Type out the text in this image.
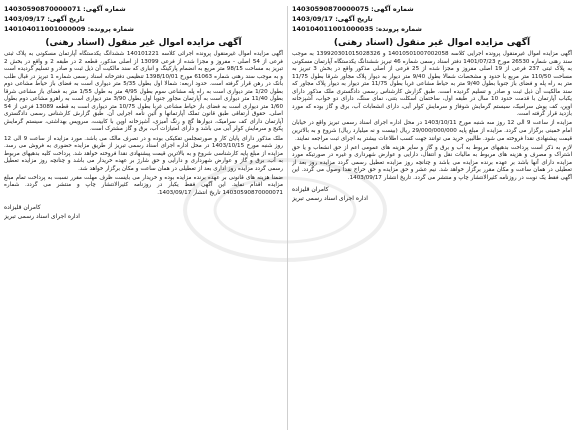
شماره آگهی: 14030590870000075
تاریخ آگهی: 1403/09/17
شماره پرونده: 140104011001000035
آگهی مزایده اموال غیر منقول (اسناد رهنی)

آگهی مزایده اموال غیرمنقول پرونده اجرایی کلاسه 14010501007002058 و 139920301015028326 به موجب سند رهنی شماره 26530 مورخ 1401/07/23 دفتر اسناد رسمی شماره 46 تبریز ششدانگ یکدستگاه آپارتمان مسکونی به پلاک ثبتی 237 فرعی از 19 اصلی مفروز و مجزا شده از 25 فرعی از اصلی مذکور واقع در بخش 3 تبریز به مساحت 110/50 متر مربع با حدود و مشخصات شمالا بطول 9/40 متر دیوار به دیوار پلاک مجاور شرقا بطول 11/75 متر به راه پله و فضای باز جنوبا بطول 9/40 متر به حیاط مشاعی غربا بطول 11/75 متر دیوار به دیوار پلاک مجاور که سند مالکیت آن ذیل ثبت و صادر و تسلیم گردیده است. طبق گزارش کارشناس رسمی دادگستری ملک مذکور دارای یکباب آپارتمان با قدمت حدود 10 سال در طبقه اول، ساختمان اسکلت بتنی، نمای سنگ، دارای دو خواب، آشپزخانه اوپن، کف پوش سرامیک، سیستم گرمایش شوفاژ و سرمایش کولر آبی، دارای انشعابات آب، برق و گاز بوده که مورد بازدید قرار گرفته است.

مزایده از ساعت 9 الی 12 روز سه شنبه مورخ 1403/10/11 در محل اداره اجرای اسناد رسمی تبریز واقع در خیابان امام خمینی برگزار می گردد. مزایده از مبلغ پایه 29/000/000/000 ریال (بیست و نه میلیارد ریال) شروع و به بالاترین قیمت پیشنهادی نقدا فروخته می شود. طالبین خرید می توانند جهت کسب اطلاعات بیشتر به اجرای ثبت مراجعه نمایند.

لازم به ذکر است پرداخت بدهیهای مربوط به آب و برق و گاز و سایر هزینه های عمومی اعم از حق انشعاب و یا حق اشتراک و مصرف و هزینه های مربوط به مالیات نقل و انتقال، دارایی و عوارض شهرداری و غیره در صورتیکه مورد مزایده دارای آنها باشد بر عهده برنده مزایده می باشد و چنانچه روز مزایده تعطیل رسمی گردد مزایده روز بعد از تعطیلی در همان ساعت و مکان مقرر برگزار خواهد شد. نیم عشر و حق مزایده و حق حراج نقدا وصول می گردد. این آگهی فقط یک نوبت در روزنامه کثیرالانتشار چاپ و منتشر می گردد. تاریخ انتشار 1403/09/17.

کامران قلیزاده
اداره اجرای اسناد رسمی تبریز
شماره آگهی: 14030590870000071
تاریخ آگهی: 1403/09/17
شماره پرونده: 140104011001000009
آگهی مزایده اموال غیر منقول (اسناد رهنی)

آگهی مزایده اموال غیرمنقول پرونده اجرائی کلاسه 140101221 ششدانگ یکدستگاه آپارتمان مسکونی به پلاک ثبتی فرعی از 54 اصلی - مفروز و مجزا شده از فرعی 13099 از اصلی مذکور، قطعه 2 در طبقه 2 و واقع در بخش 2 تبریز به مساحت 98/15 متر مربع به انضمام پارکینگ و انباری که سند مالکیت آن ذیل ثبت و صادر و تسلیم گردیده است و به موجب سند رهنی شماره 61063 مورخ 1398/10/01 تنظیمی دفترخانه اسناد رسمی شماره 1 تبریز در قبال طلب بانک در رهن قرار گرفته است. حدود اربعه: شمالا اول بطول 5/35 متر دیواری است به فضای باز حیاط مشاعی دوم بطول 1/20 متر دیواری است به راه پله مشاعی سوم بطول 4/95 متر به طول 1/55 متر به فضای باز مشاعی شرقا بطول 11/40 متر دیواری است به آپارتمان مجاور جنوبا اول بطول 3/90 متر دیواری است به راهرو مشاعی دوم بطول 1/60 متر دیواری است به فضای باز حیاط مشاعی غربا بطول 10/75 متر دیواری است به قطعه 13089 فرعی از 54 اصلی. حقوق ارتفاقی طبق قانون تملک آپارتمانها و آئین نامه اجرایی آن. طبق گزارش کارشناس رسمی دادگستری آپارتمان دارای کف سرامیک، دیوارها گچ و رنگ آمیزی، آشپزخانه اوپن با کابینت، سرویس بهداشتی، سیستم گرمایش پکیج و سرمایش کولر آبی می باشد و دارای امتیازات آب، برق و گاز مشترک است.

ملک مذکور دارای پایان کار و صورتمجلس تفکیکی بوده و در تصرف مالک می باشد. مورد مزایده از ساعت 9 الی 12 روز شنبه مورخ 1403/10/15 در محل اداره اجرای اسناد رسمی تبریز از طریق مزایده حضوری به فروش می رسد. مزایده از مبلغ پایه کارشناسی شروع و به بالاترین قیمت پیشنهادی نقدا فروخته خواهد شد. پرداخت کلیه بدهیهای مربوط به آب، برق و گاز و عوارض شهرداری و دارایی و حق شارژ بر عهده خریدار می باشد و چنانچه روز مزایده تعطیل رسمی گردد مزایده روز اداری بعد از تعطیلی در همان ساعت و مکان برگزار خواهد شد.

ضمنا هزینه های قانونی بر عهده برنده مزایده بوده و خریدار می بایست ظرف مهلت مقرر نسبت به پرداخت تمام مبلغ مزایده اقدام نماید. این آگهی فقط یکبار در روزنامه کثیرالانتشار چاپ و منتشر می گردد. شماره 14030590870000071 تاریخ انتشار 1403/09/17.

کامران قلیزاده
اداره اجرای اسناد رسمی تبریز
